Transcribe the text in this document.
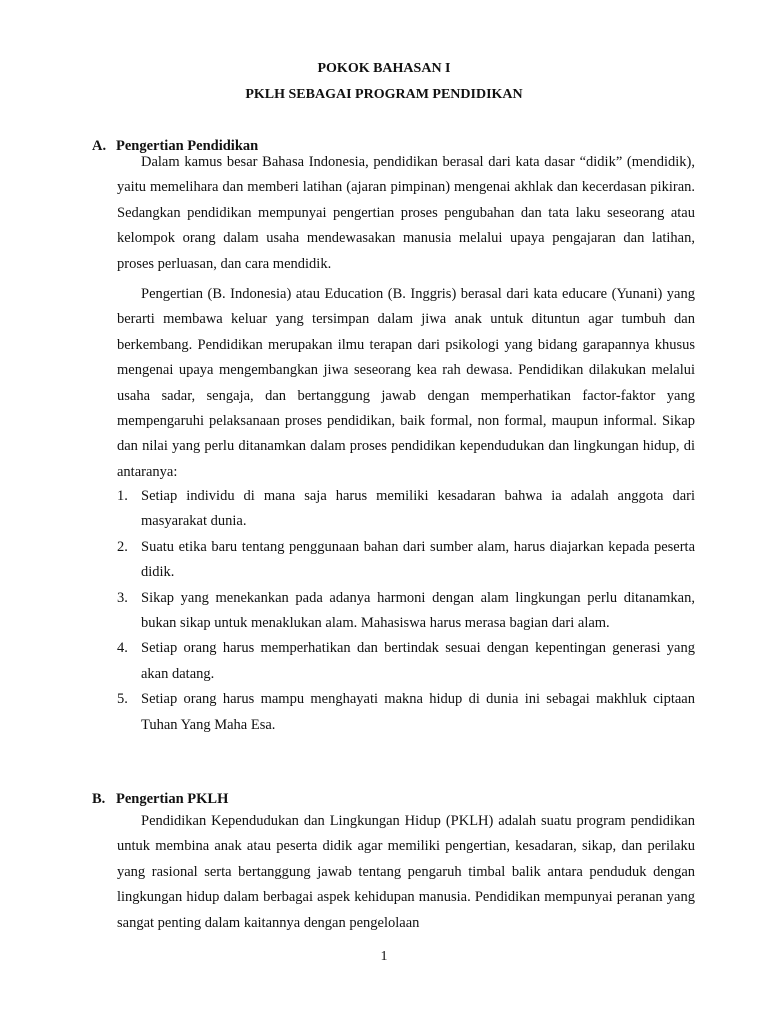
POKOK BAHASAN I
PKLH SEBAGAI PROGRAM PENDIDIKAN
A. Pengertian Pendidikan

Dalam kamus besar Bahasa Indonesia, pendidikan berasal dari kata dasar “didik” (mendidik), yaitu memelihara dan memberi latihan (ajaran pimpinan) mengenai akhlak dan kecerdasan pikiran. Sedangkan pendidikan mempunyai pengertian proses pengubahan dan tata laku seseorang atau kelompok orang dalam usaha mendewasakan manusia melalui upaya pengajaran dan latihan, proses perluasan, dan cara mendidik.

Pengertian (B. Indonesia) atau Education (B. Inggris) berasal dari kata educare (Yunani) yang berarti membawa keluar yang tersimpan dalam jiwa anak untuk dituntun agar tumbuh dan berkembang. Pendidikan merupakan ilmu terapan dari psikologi yang bidang garapannya khusus mengenai upaya mengembangkan jiwa seseorang kea rah dewasa. Pendidikan dilakukan melalui usaha sadar, sengaja, dan bertanggung jawab dengan memperhatikan factor-faktor yang mempengaruhi pelaksanaan proses pendidikan, baik formal, non formal, maupun informal. Sikap dan nilai yang perlu ditanamkan dalam proses pendidikan kependudukan dan lingkungan hidup, di antaranya:

1. Setiap individu di mana saja harus memiliki kesadaran bahwa ia adalah anggota dari masyarakat dunia.
2. Suatu etika baru tentang penggunaan bahan dari sumber alam, harus diajarkan kepada peserta didik.
3. Sikap yang menekankan pada adanya harmoni dengan alam lingkungan perlu ditanamkan, bukan sikap untuk menaklukan alam. Mahasiswa harus merasa bagian dari alam.
4. Setiap orang harus memperhatikan dan bertindak sesuai dengan kepentingan generasi yang akan datang.
5. Setiap orang harus mampu menghayati makna hidup di dunia ini sebagai makhluk ciptaan Tuhan Yang Maha Esa.
B. Pengertian PKLH

Pendidikan Kependudukan dan Lingkungan Hidup (PKLH) adalah suatu program pendidikan untuk membina anak atau peserta didik agar memiliki pengertian, kesadaran, sikap, dan perilaku yang rasional serta bertanggung jawab tentang pengaruh timbal balik antara penduduk dengan lingkungan hidup dalam berbagai aspek kehidupan manusia. Pendidikan mempunyai peranan yang sangat penting dalam kaitannya dengan pengelolaan

1
